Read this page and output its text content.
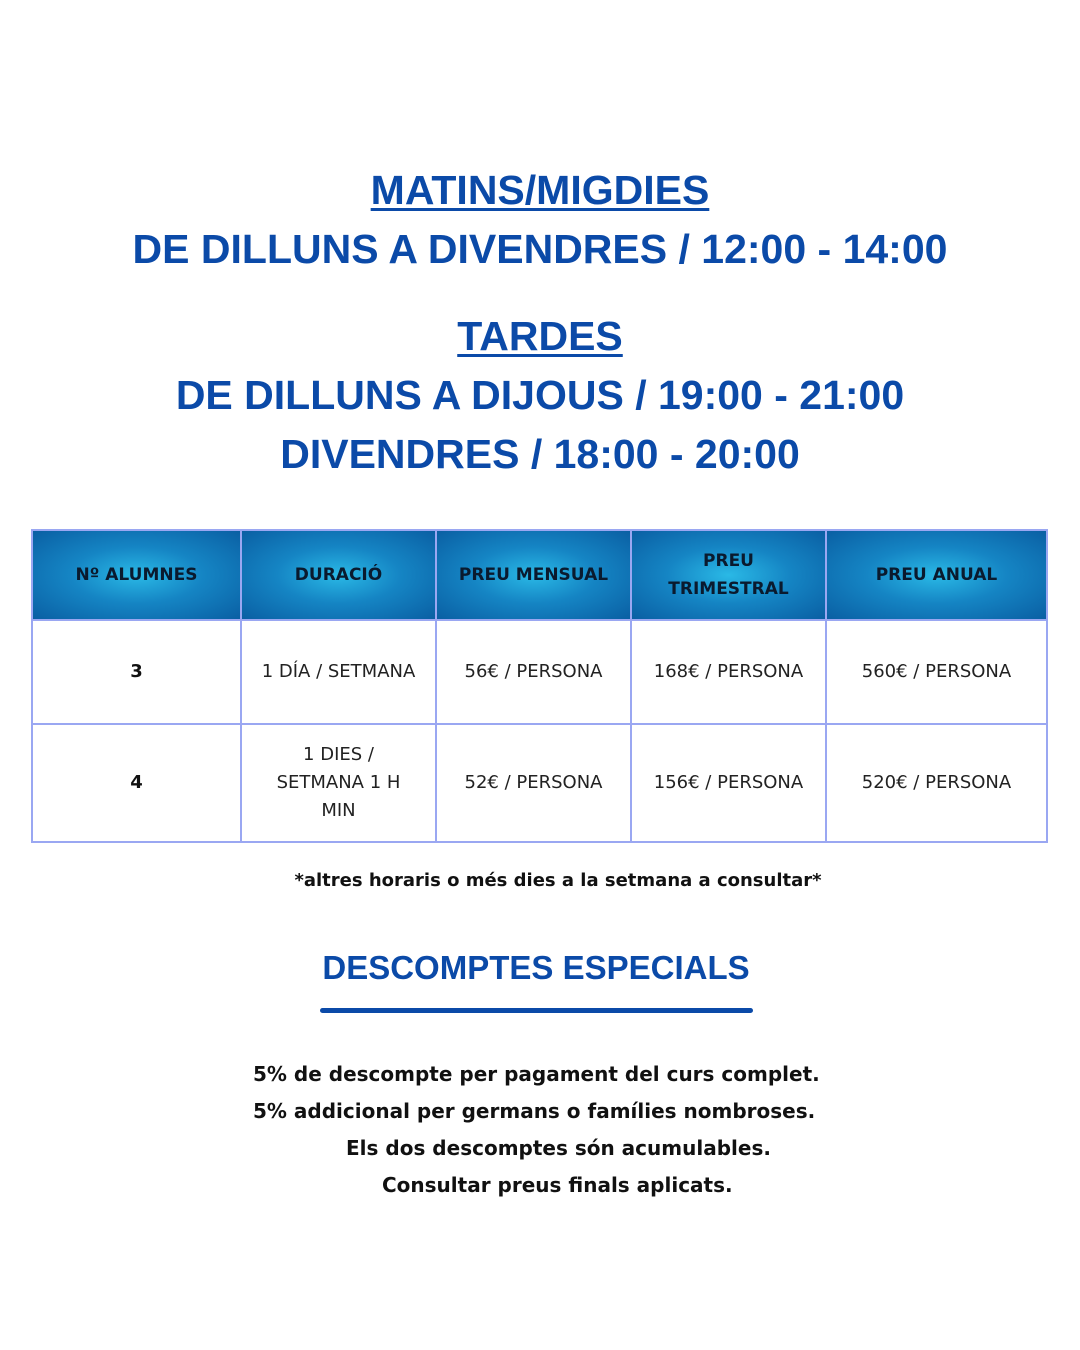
MATINS/MIGDIES
DE DILLUNS A DIVENDRES / 12:00 - 14:00
TARDES
DE DILLUNS A DIJOUS / 19:00 - 21:00
DIVENDRES / 18:00 - 20:00
Nº ALUMNES	DURACIÓ	PREU MENSUAL	PREU TRIMESTRAL	PREU ANUAL
3	1 DÍA / SETMANA	56€ / PERSONA	168€ / PERSONA	560€ / PERSONA
4	1 DIES / SETMANA 1 H MIN	52€ / PERSONA	156€ / PERSONA	520€ / PERSONA
*altres horaris o més dies a la setmana a consultar*
DESCOMPTES ESPECIALS
5% de descompte per pagament del curs complet.
5% addicional per germans o famílies nombroses.
Els dos descomptes són acumulables.
Consultar preus finals aplicats.
